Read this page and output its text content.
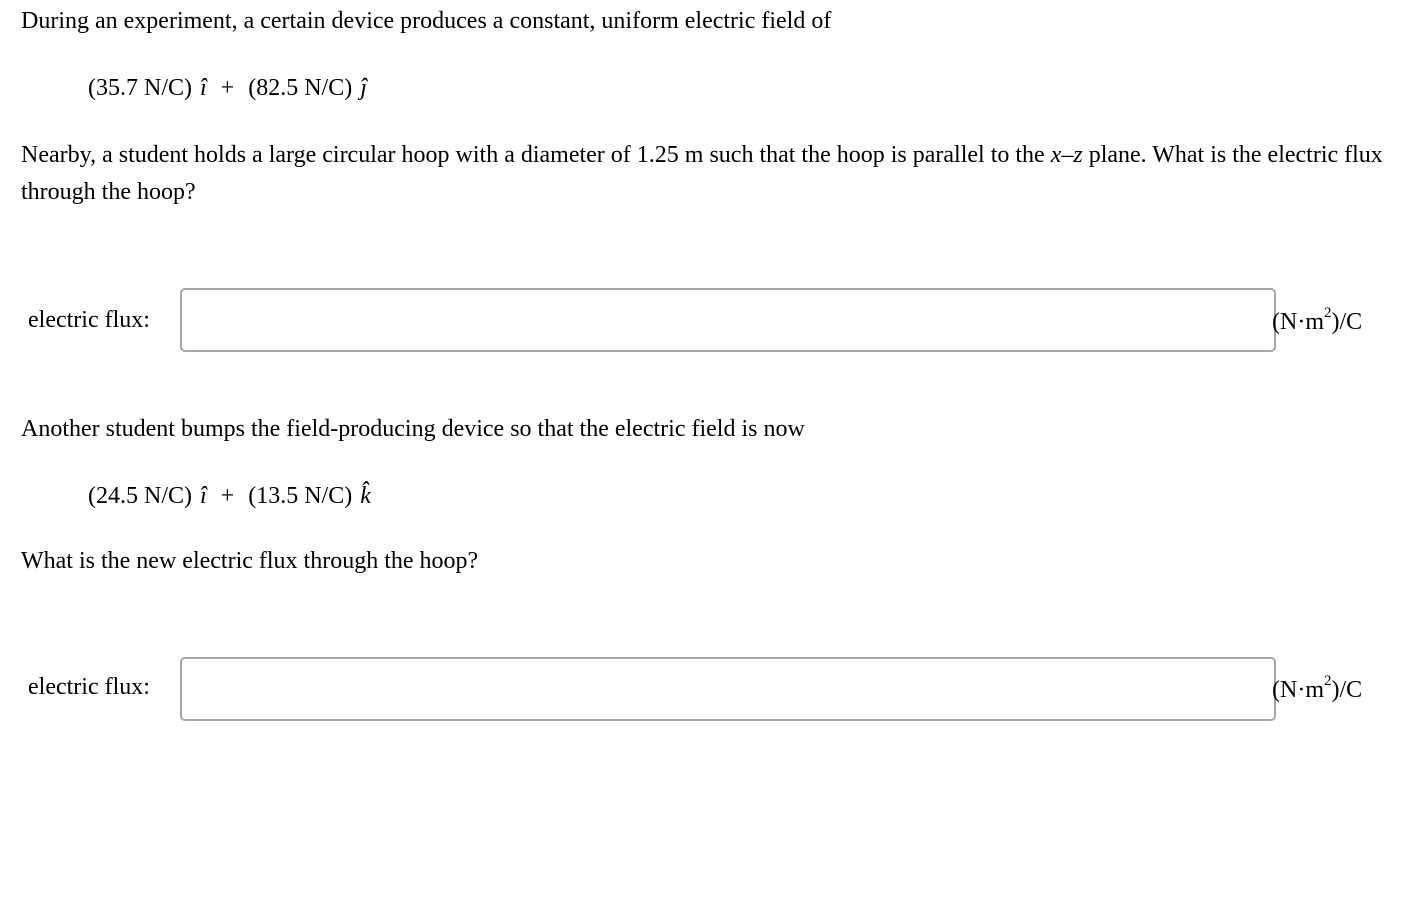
During an experiment, a certain device produces a constant, uniform electric field of

(35.7 N/C) î + (82.5 N/C) ĵ

Nearby, a student holds a large circular hoop with a diameter of 1.25 m such that the hoop is parallel to the x–z plane. What is the electric flux through the hoop?

electric flux:	$(N\cdot m^2)/C$

Another student bumps the field-producing device so that the electric field is now

(24.5 N/C) î + (13.5 N/C) k̂

What is the new electric flux through the hoop?

electric flux:	$(N\cdot m^2)/C$
